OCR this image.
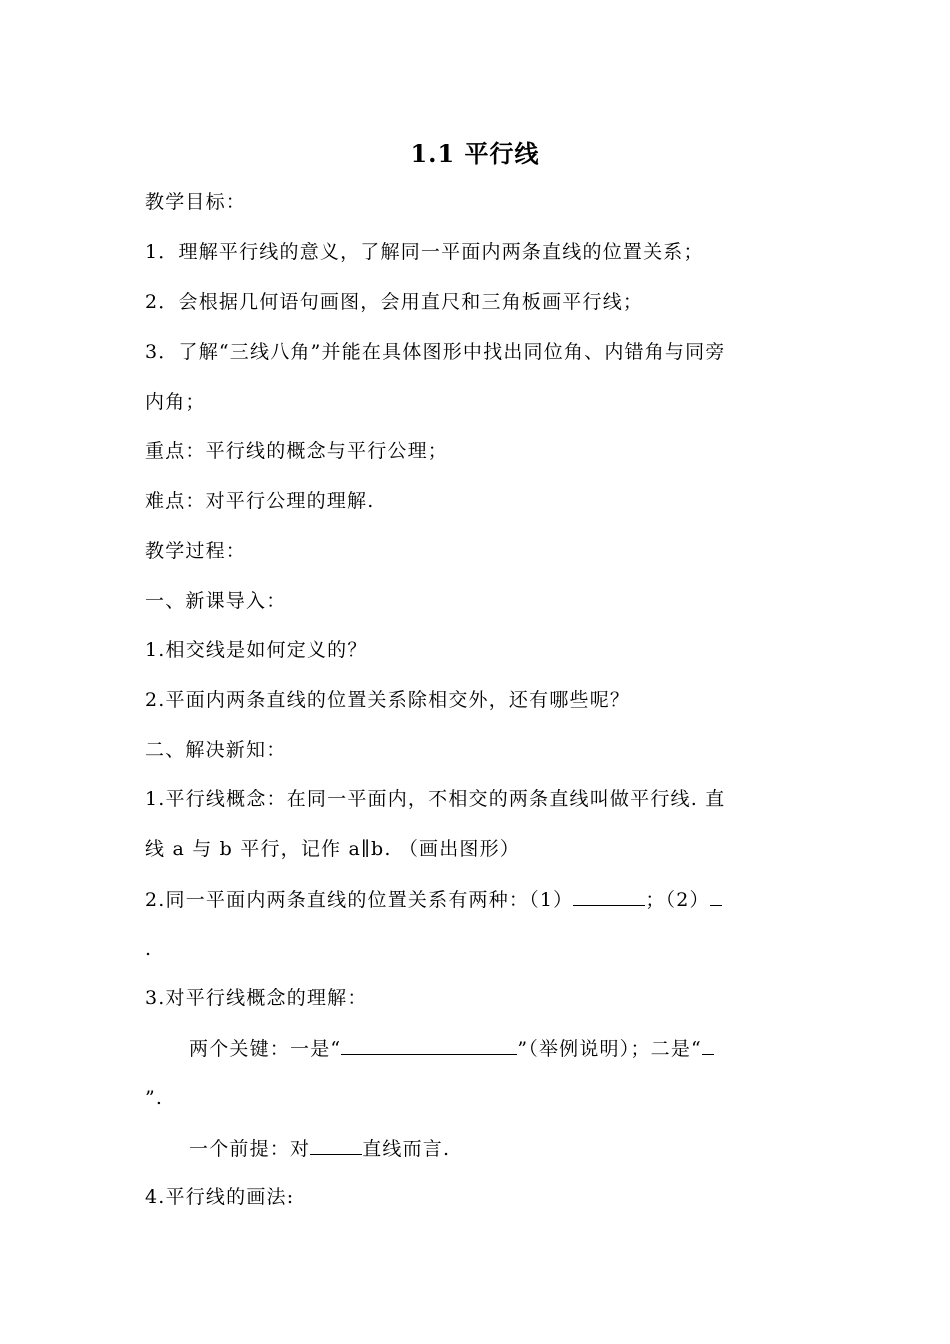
1.1 平行线
教学目标：
1．理解平行线的意义，了解同一平面内两条直线的位置关系；
2．会根据几何语句画图，会用直尺和三角板画平行线；
3．了解“三线八角”并能在具体图形中找出同位角、内错角与同旁
内角；
重点：平行线的概念与平行公理；
难点：对平行公理的理解.
教学过程：
一、新课导入：
1.相交线是如何定义的？
2.平面内两条直线的位置关系除相交外，还有哪些呢？
二、解决新知：
1.平行线概念：在同一平面内，不相交的两条直线叫做平行线. 直
线 a 与 b 平行，记作 a∥b. （画出图形）
2.同一平面内两条直线的位置关系有两种：（1）	；（2）
.
3.对平行线概念的理解：
两个关键：一是“	”（举例说明）；二是“
”.
一个前提：对	直线而言.
4.平行线的画法:
